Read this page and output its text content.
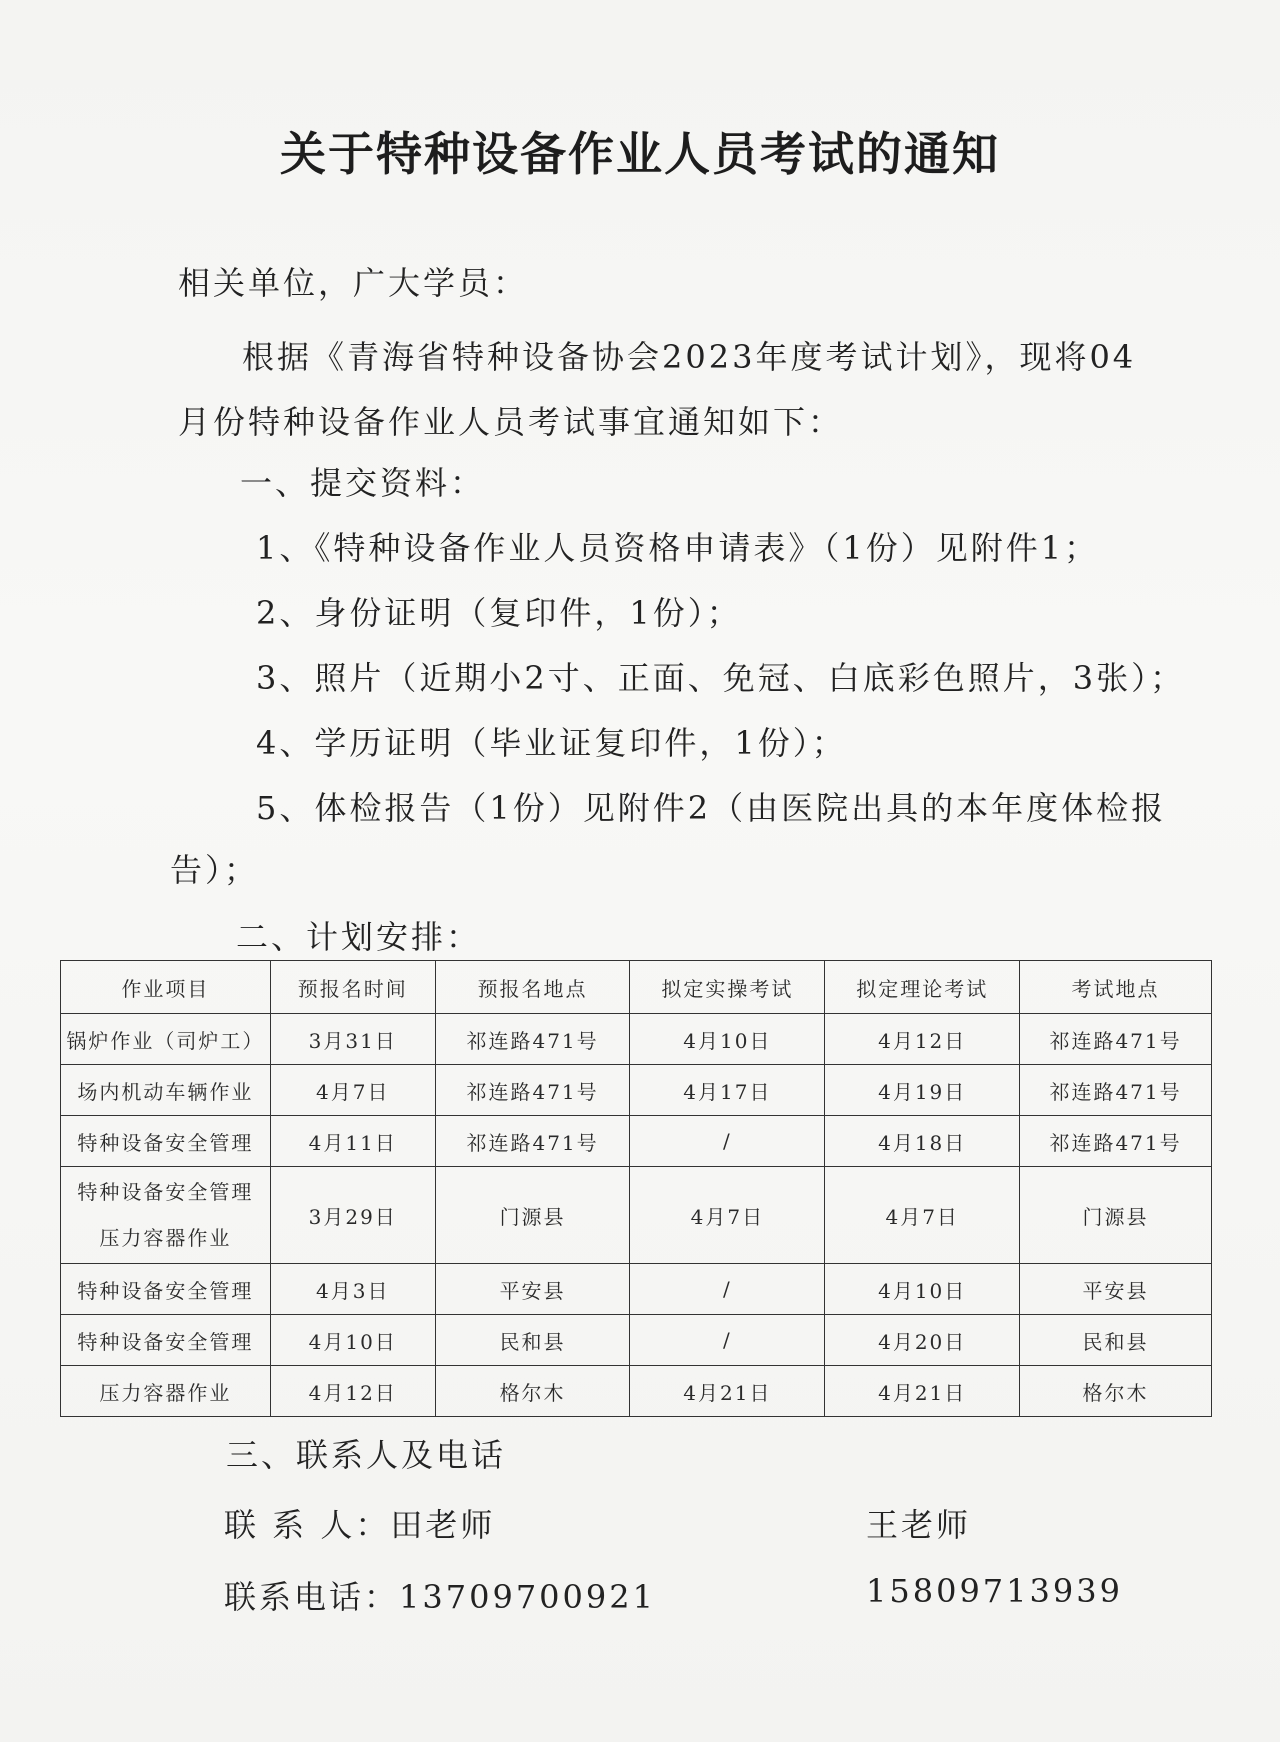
关于特种设备作业人员考试的通知
相关单位，广大学员：
根据《青海省特种设备协会2023年度考试计划》，现将04
月份特种设备作业人员考试事宜通知如下：
一、提交资料：
1、《特种设备作业人员资格申请表》（1份）见附件1；
2、身份证明（复印件，1份）；
3、照片（近期小2寸、正面、免冠、白底彩色照片，3张）；
4、学历证明（毕业证复印件，1份）；
5、体检报告（1份）见附件2（由医院出具的本年度体检报
告）；
二、计划安排：
作业项目	预报名时间	预报名地点	拟定实操考试	拟定理论考试	考试地点
锅炉作业（司炉工）	3月31日	祁连路471号	4月10日	4月12日	祁连路471号
场内机动车辆作业	4月7日	祁连路471号	4月17日	4月19日	祁连路471号
特种设备安全管理	4月11日	祁连路471号	/	4月18日	祁连路471号

特种设备安全管理
压力容器作业	3月29日	门源县	4月7日	4月7日	门源县
特种设备安全管理	4月3日	平安县	/	4月10日	平安县
特种设备安全管理	4月10日	民和县	/	4月20日	民和县
压力容器作业	4月12日	格尔木	4月21日	4月21日	格尔木
三、联系人及电话
联 系 人：田老师	王老师
联系电话：13709700921	15809713939
